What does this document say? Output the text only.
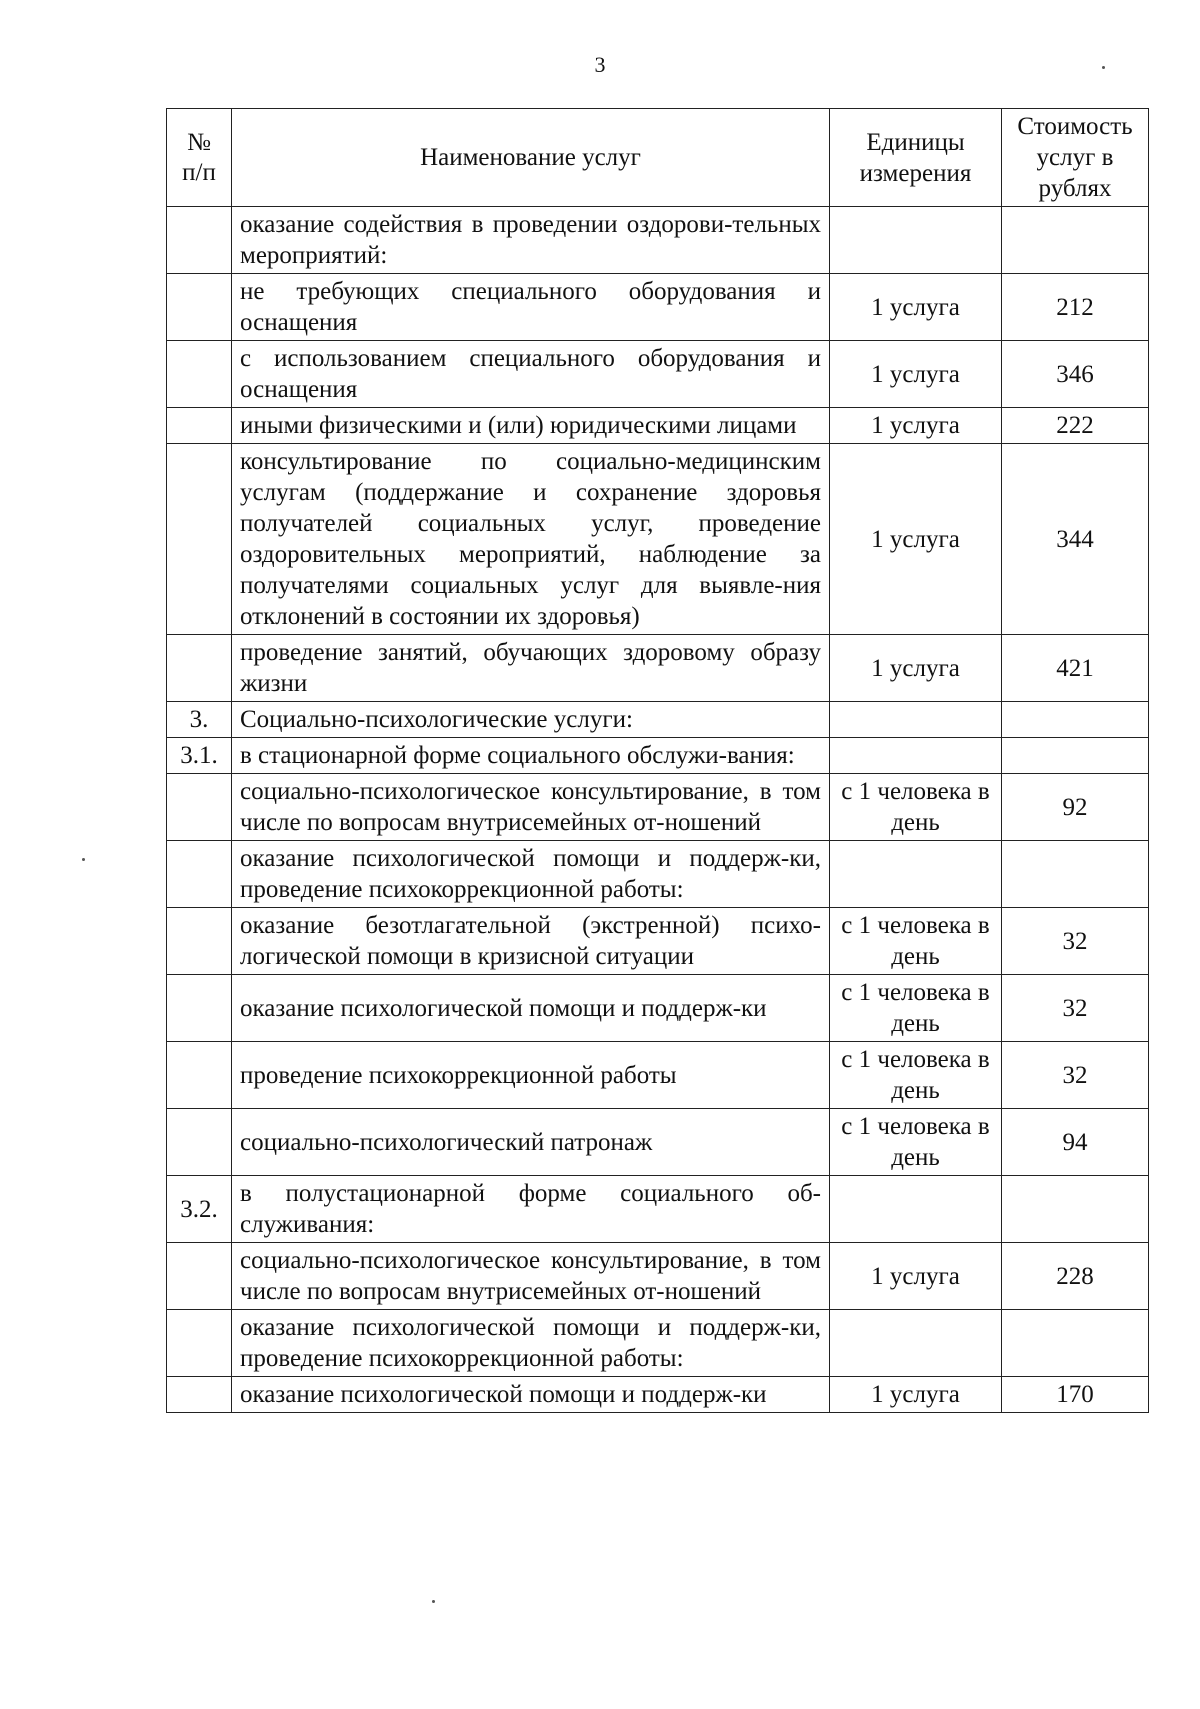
3
№ п/п	Наименование услуг	Единицы измерения	Стоимость услуг в рублях
	оказание содействия в проведении оздорови-тельных мероприятий:		
	не требующих специального оборудования и оснащения	1 услуга	212
	с использованием специального оборудования и оснащения	1 услуга	346
	иными физическими и (или) юридическими лицами	1 услуга	222
	консультирование по социально-медицинским услугам (поддержание и сохранение здоровья получателей социальных услуг, проведение оздоровительных мероприятий, наблюдение за получателями социальных услуг для выявле-ния отклонений в состоянии их здоровья)	1 услуга	344
	проведение занятий, обучающих здоровому образу жизни	1 услуга	421
3.	Социально-психологические услуги:		
3.1.	в стационарной форме социального обслужи-вания:		
	социально-психологическое консультирование, в том числе по вопросам внутрисемейных от-ношений	с 1 человека в день	92
	оказание психологической помощи и поддерж-ки, проведение психокоррекционной работы:		
	оказание безотлагательной (экстренной) психо-логической помощи в кризисной ситуации	с 1 человека в день	32
	оказание психологической помощи и поддерж-ки	с 1 человека в день	32
	проведение психокоррекционной работы	с 1 человека в день	32
	социально-психологический патронаж	с 1 человека в день	94
3.2.	в полустационарной форме социального об-служивания:		
	социально-психологическое консультирование, в том числе по вопросам внутрисемейных от-ношений	1 услуга	228
	оказание психологической помощи и поддерж-ки, проведение психокоррекционной работы:		
	оказание психологической помощи и поддерж-ки	1 услуга	170
